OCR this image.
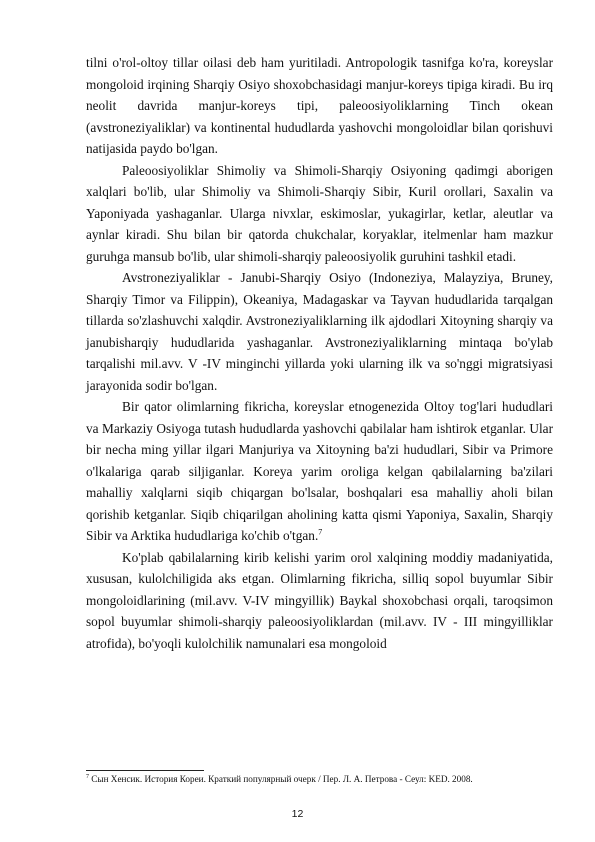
tilni o'rol-oltoy tillar oilasi deb ham yuritiladi. Antropologik tasnifga ko'ra, koreyslar mongoloid irqining Sharqiy Osiyo shoxobchasidagi manjur-koreys tipiga kiradi. Bu irq neolit davrida manjur-koreys tipi, paleoosiyoliklarning Tinch okean (avstroneziyaliklar) va kontinental hududlarda yashovchi mongoloidlar bilan qorishuvi natijasida paydo bo'lgan.

Paleoosiyoliklar Shimoliy va Shimoli-Sharqiy Osiyoning qadimgi aborigen xalqlari bo'lib, ular Shimoliy va Shimoli-Sharqiy Sibir, Kuril orollari, Saxalin va Yaponiyada yashaganlar. Ularga nivxlar, eskimoslar, yukagirlar, ketlar, aleutlar va aynlar kiradi. Shu bilan bir qatorda chukchalar, koryaklar, itelmenlar ham mazkur guruhga mansub bo'lib, ular shimoli-sharqiy paleoosiyolik guruhini tashkil etadi.

Avstroneziyaliklar - Janubi-Sharqiy Osiyo (Indoneziya, Malayziya, Bruney, Sharqiy Timor va Filippin), Okeaniya, Madagaskar va Tayvan hududlarida tarqalgan tillarda so'zlashuvchi xalqdir. Avstroneziyaliklarning ilk ajdodlari Xitoyning sharqiy va janubisharqiy hududlarida yashaganlar. Avstroneziyaliklarning mintaqa bo'ylab tarqalishi mil.avv. V -IV minginchi yillarda yoki ularning ilk va so'nggi migratsiyasi jarayonida sodir bo'lgan.

Bir qator olimlarning fikricha, koreyslar etnogenezida Oltoy tog'lari hududlari va Markaziy Osiyoga tutash hududlarda yashovchi qabilalar ham ishtirok etganlar. Ular bir necha ming yillar ilgari Manjuriya va Xitoyning ba'zi hududlari, Sibir va Primore o'lkalariga qarab siljiganlar. Koreya yarim oroliga kelgan qabilalarning ba'zilari mahalliy xalqlarni siqib chiqargan bo'lsalar, boshqalari esa mahalliy aholi bilan qorishib ketganlar. Siqib chiqarilgan aholining katta qismi Yaponiya, Saxalin, Sharqiy Sibir va Arktika hududlariga ko'chib o'tgan.$^7$

Ko'plab qabilalarning kirib kelishi yarim orol xalqining moddiy madaniyatida, xususan, kulolchiligida aks etgan. Olimlarning fikricha, silliq sopol buyumlar Sibir mongoloidlarining (mil.avv. V-IV mingyillik) Baykal shoxobchasi orqali, taroqsimon sopol buyumlar shimoli-sharqiy paleoosiyoliklardan (mil.avv. IV - III mingyilliklar atrofida), bo'yoqli kulolchilik namunalari esa mongoloid

$^7$ Сын Хенсик. История Кореи. Краткий популярный очерк / Пер. Л. А. Петрова - Сеул: KED. 2008.
12
